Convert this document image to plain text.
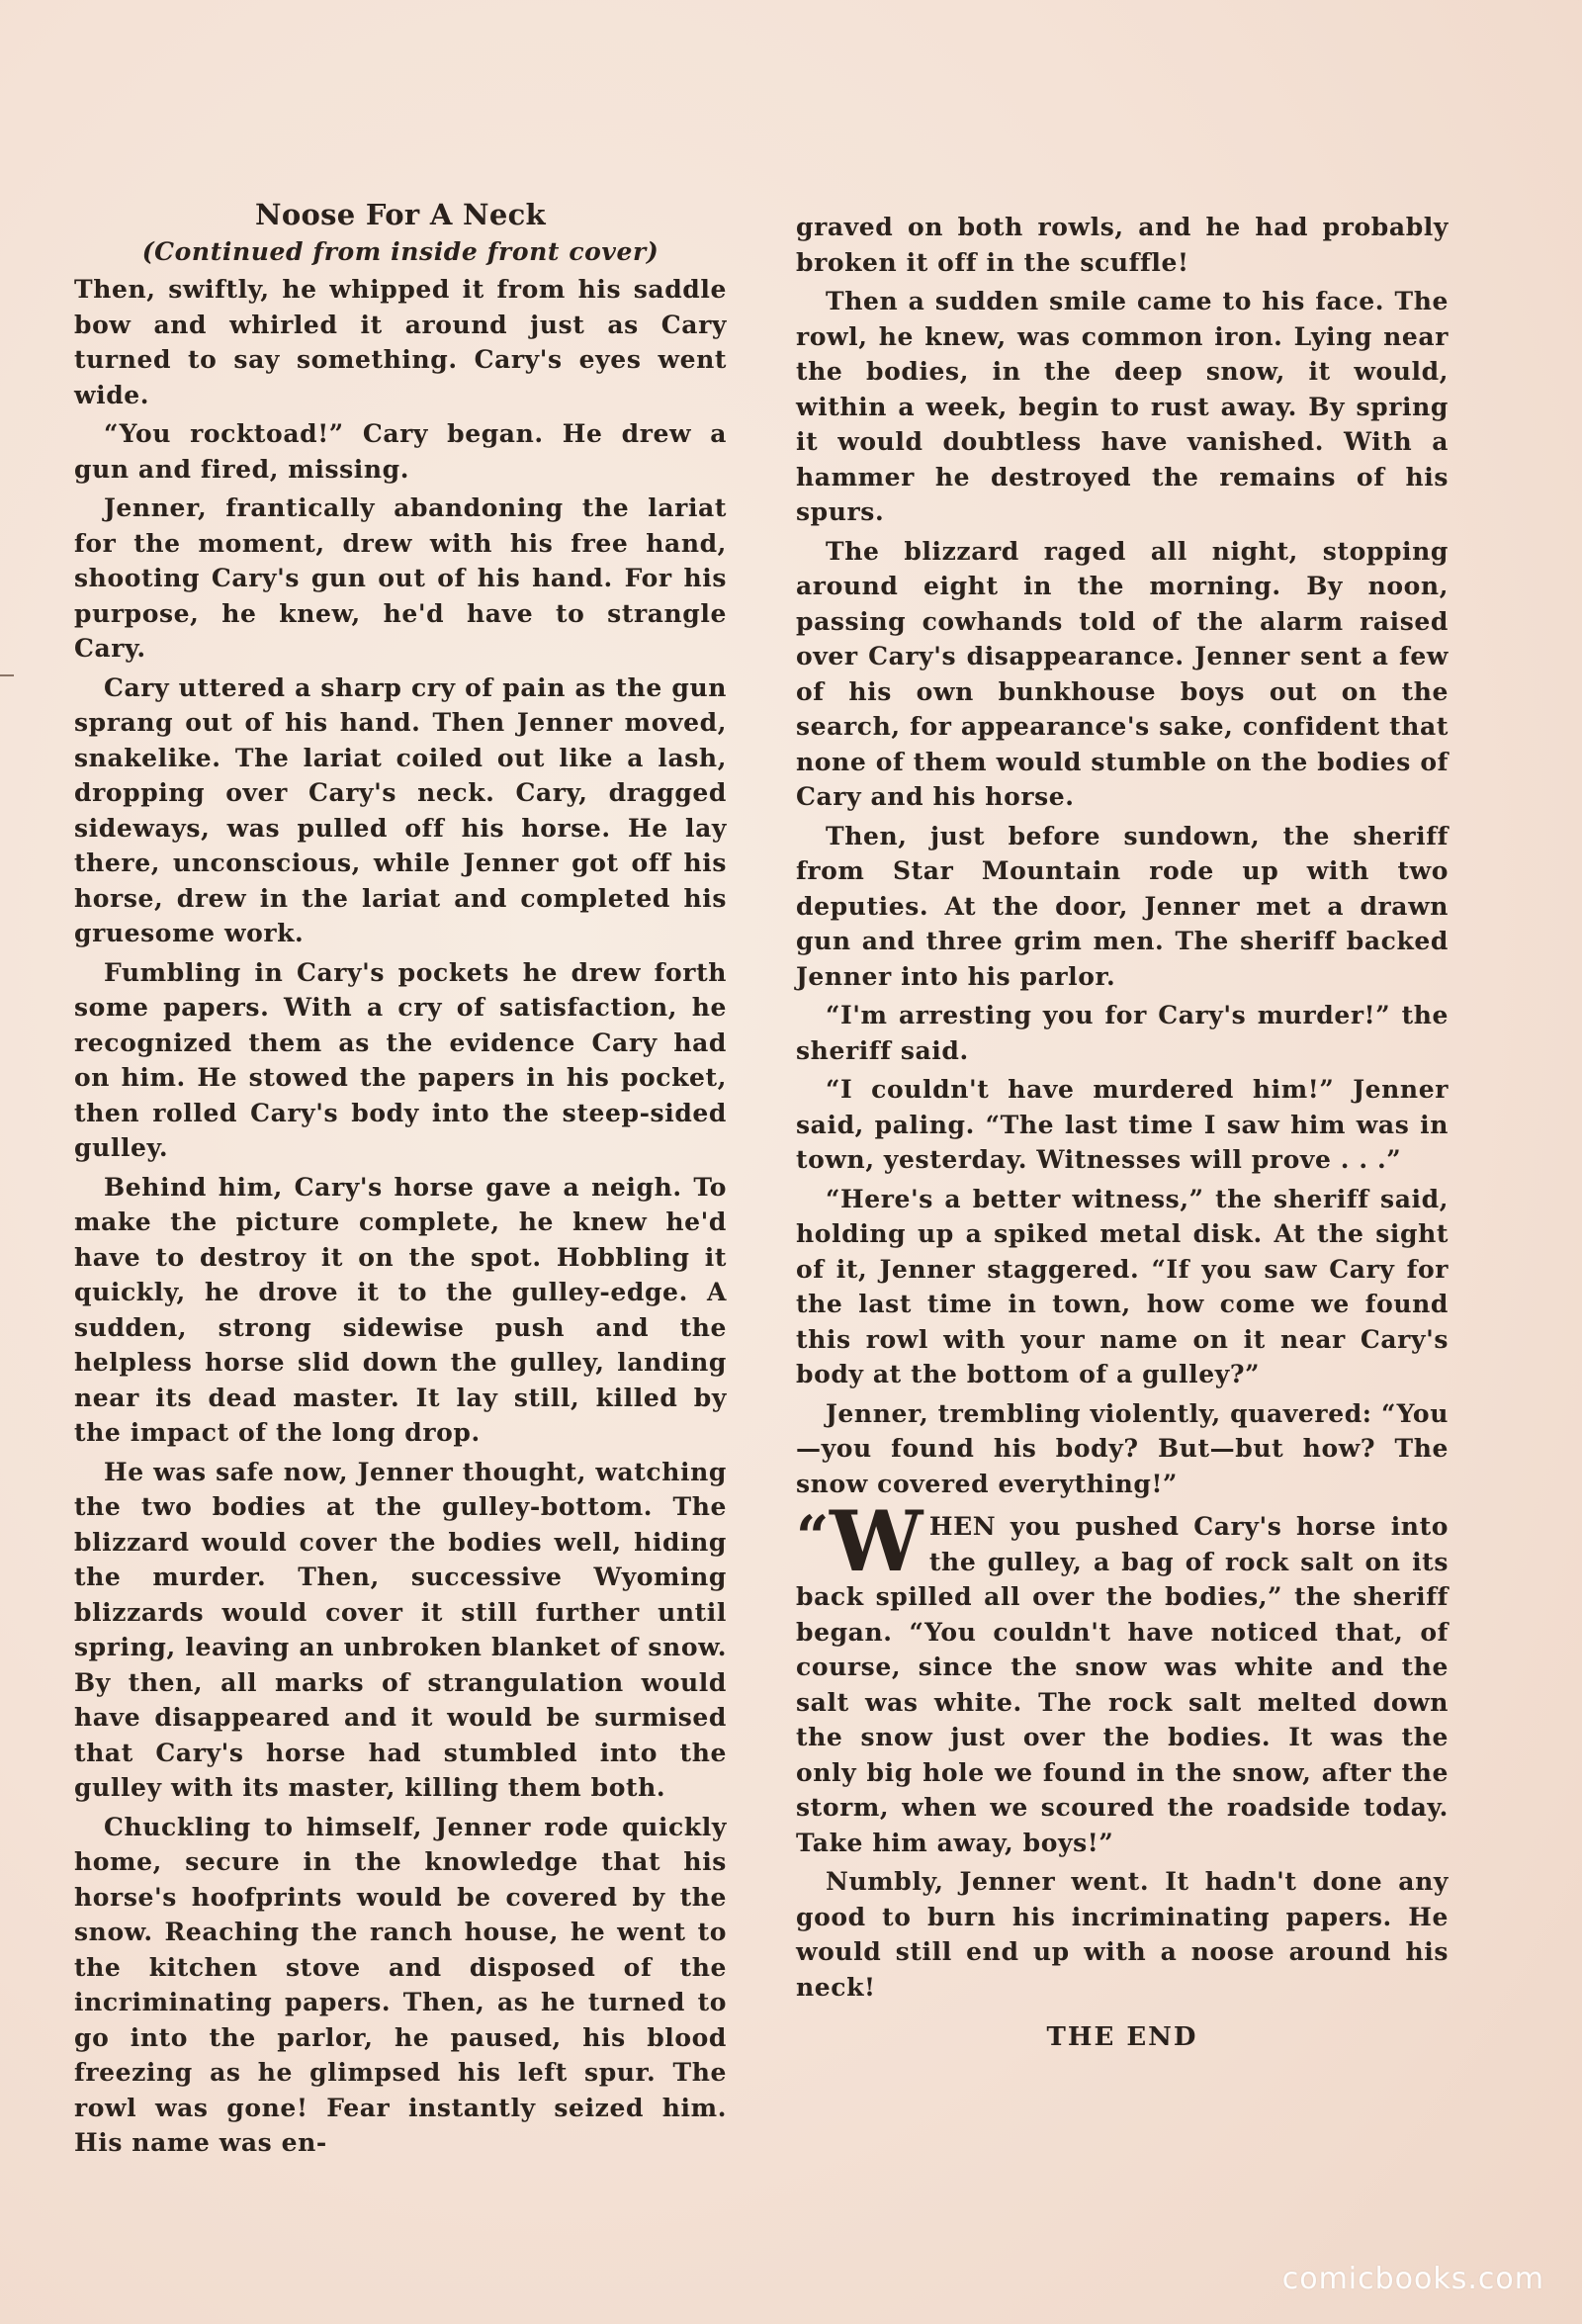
Noose For A Neck
(Continued from inside front cover)

Then, swiftly, he whipped it from his saddle bow and whirled it around just as Cary turned to say something. Cary's eyes went wide.

“You rocktoad!” Cary began. He drew a gun and fired, missing.

Jenner, frantically abandoning the lariat for the moment, drew with his free hand, shooting Cary's gun out of his hand. For his purpose, he knew, he'd have to strangle Cary.

Cary uttered a sharp cry of pain as the gun sprang out of his hand. Then Jenner moved, snakelike. The lariat coiled out like a lash, dropping over Cary's neck. Cary, dragged sideways, was pulled off his horse. He lay there, unconscious, while Jenner got off his horse, drew in the lariat and completed his gruesome work.

Fumbling in Cary's pockets he drew forth some papers. With a cry of satisfaction, he recognized them as the evidence Cary had on him. He stowed the papers in his pocket, then rolled Cary's body into the steep-sided gulley.

Behind him, Cary's horse gave a neigh. To make the picture complete, he knew he'd have to destroy it on the spot. Hobbling it quickly, he drove it to the gulley-edge. A sudden, strong sidewise push and the helpless horse slid down the gulley, landing near its dead master. It lay still, killed by the impact of the long drop.

He was safe now, Jenner thought, watching the two bodies at the gulley-bottom. The blizzard would cover the bodies well, hiding the murder. Then, successive Wyoming blizzards would cover it still further until spring, leaving an unbroken blanket of snow. By then, all marks of strangulation would have disappeared and it would be surmised that Cary's horse had stumbled into the gulley with its master, killing them both.

Chuckling to himself, Jenner rode quickly home, secure in the knowledge that his horse's hoofprints would be covered by the snow. Reaching the ranch house, he went to the kitchen stove and disposed of the incriminating papers. Then, as he turned to go into the parlor, he paused, his blood freezing as he glimpsed his left spur. The rowl was gone! Fear instantly seized him. His name was en-

graved on both rowls, and he had probably broken it off in the scuffle!

Then a sudden smile came to his face. The rowl, he knew, was common iron. Lying near the bodies, in the deep snow, it would, within a week, begin to rust away. By spring it would doubtless have vanished. With a hammer he destroyed the remains of his spurs.

The blizzard raged all night, stopping around eight in the morning. By noon, passing cowhands told of the alarm raised over Cary's disappearance. Jenner sent a few of his own bunkhouse boys out on the search, for appearance's sake, confident that none of them would stumble on the bodies of Cary and his horse.

Then, just before sundown, the sheriff from Star Mountain rode up with two deputies. At the door, Jenner met a drawn gun and three grim men. The sheriff backed Jenner into his parlor.

“I'm arresting you for Cary's murder!” the sheriff said.

“I couldn't have murdered him!” Jenner said, paling. “The last time I saw him was in town, yesterday. Witnesses will prove . . .”

“Here's a better witness,” the sheriff said, holding up a spiked metal disk. At the sight of it, Jenner staggered. “If you saw Cary for the last time in town, how come we found this rowl with your name on it near Cary's body at the bottom of a gulley?”

Jenner, trembling violently, quavered: “You —you found his body? But—but how? The snow covered everything!”

“ W HEN you pushed Cary's horse into the gulley, a bag of rock salt on its back spilled all over the bodies,” the sheriff began. “You couldn't have noticed that, of course, since the snow was white and the salt was white. The rock salt melted down the snow just over the bodies. It was the only big hole we found in the snow, after the storm, when we scoured the roadside today. Take him away, boys!”

Numbly, Jenner went. It hadn't done any good to burn his incriminating papers. He would still end up with a noose around his neck!

THE END
comicbooks.com
